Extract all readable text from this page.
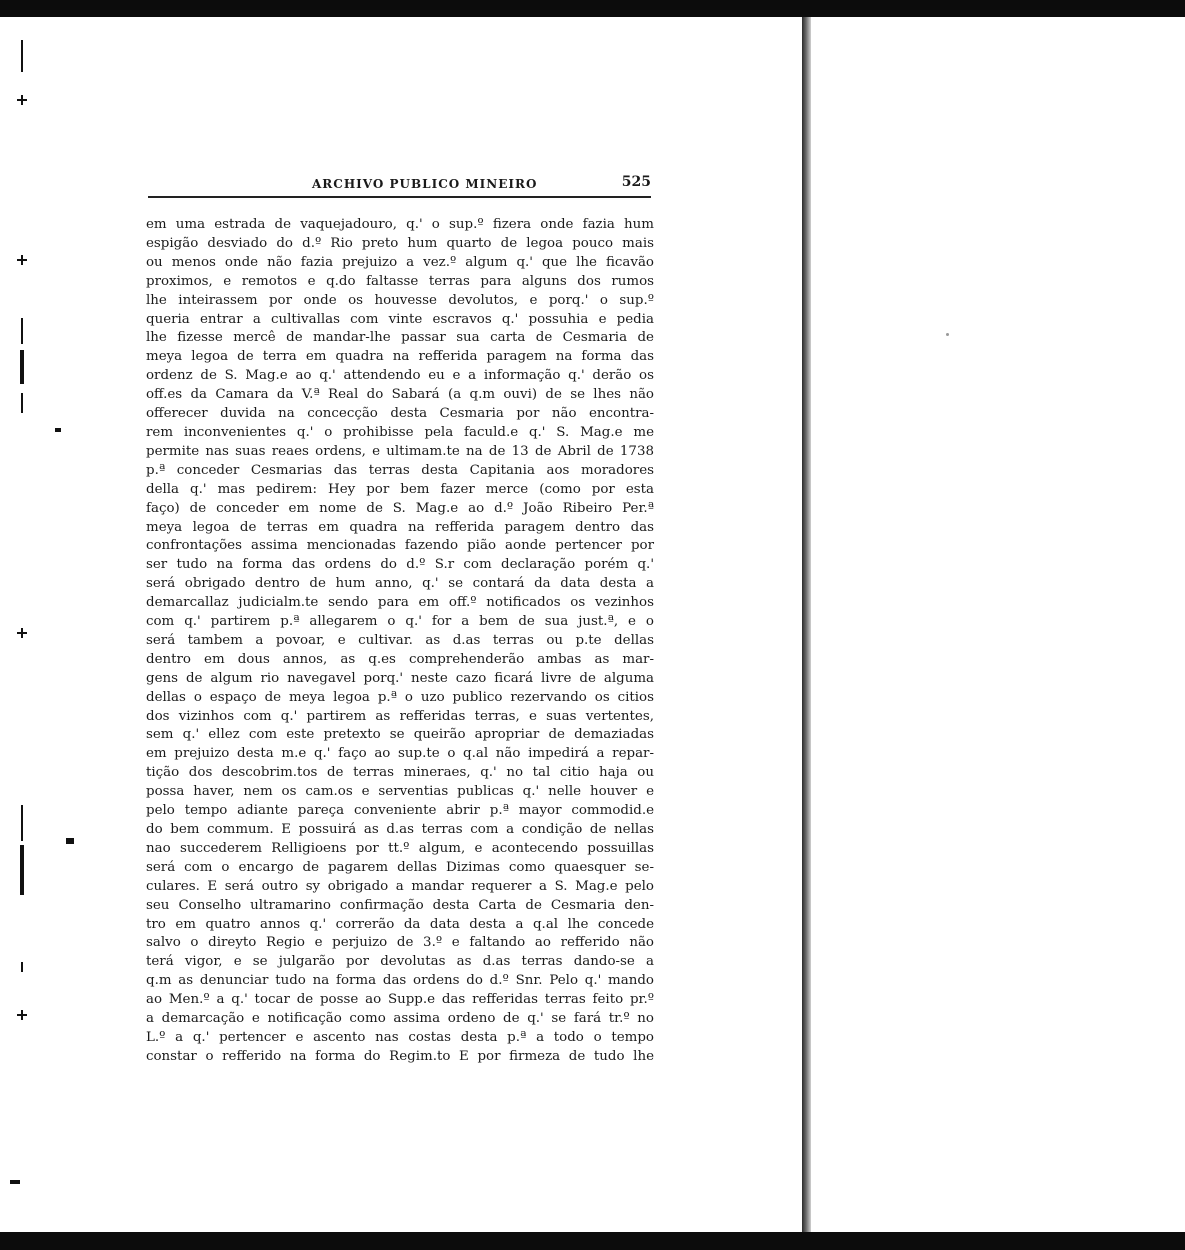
ARCHIVO PUBLICO MINEIRO	525
em uma estrada de vaquejadouro, q.' o sup.º fizera onde fazia hum
espigão desviado do d.º Rio preto hum quarto de legoa pouco mais
ou menos onde não fazia prejuizo a vez.º algum q.' que lhe ficavão
proximos, e remotos e q.do faltasse terras para alguns dos rumos
lhe inteirassem por onde os houvesse devolutos, e porq.' o sup.º
queria entrar a cultivallas com vinte escravos q.' possuhia e pedia
lhe fizesse mercê de mandar-lhe passar sua carta de Cesmaria de
meya legoa de terra em quadra na refferida paragem na forma das
ordenz de S. Mag.e ao q.' attendendo eu e a informação q.' derão os
off.es da Camara da V.ª Real do Sabará (a q.m ouvi) de se lhes não
offerecer duvida na concecção desta Cesmaria por não encontra-
rem inconvenientes q.' o prohibisse pela faculd.e q.' S. Mag.e me
permite nas suas reaes ordens, e ultimam.te na de 13 de Abril de 1738
p.ª conceder Cesmarias das terras desta Capitania aos moradores
della q.' mas pedirem: Hey por bem fazer merce (como por esta
faço) de conceder em nome de S. Mag.e ao d.º João Ribeiro Per.ª
meya legoa de terras em quadra na refferida paragem dentro das
confrontações assima mencionadas fazendo pião aonde pertencer por
ser tudo na forma das ordens do d.º S.r com declaração porém q.'
será obrigado dentro de hum anno, q.' se contará da data desta a
demarcallaz judicialm.te sendo para em off.º notificados os vezinhos
com q.' partirem p.ª allegarem o q.' for a bem de sua just.ª, e o
será tambem a povoar, e cultivar. as d.as terras ou p.te dellas
dentro em dous annos, as q.es comprehenderão ambas as mar-
gens de algum rio navegavel porq.' neste cazo ficará livre de alguma
dellas o espaço de meya legoa p.ª o uzo publico rezervando os citios
dos vizinhos com q.' partirem as refferidas terras, e suas vertentes,
sem q.' ellez com este pretexto se queirão apropriar de demaziadas
em prejuizo desta m.e q.' faço ao sup.te o q.al não impedirá a repar-
tição dos descobrim.tos de terras mineraes, q.' no tal citio haja ou
possa haver, nem os cam.os e serventias publicas q.' nelle houver e
pelo tempo adiante pareça conveniente abrir p.ª mayor commodid.e
do bem commum. E possuirá as d.as terras com a condição de nellas
nao succederem Relligioens por tt.º algum, e acontecendo possuillas
será com o encargo de pagarem dellas Dizimas como quaesquer se-
culares. E será outro sy obrigado a mandar requerer a S. Mag.e pelo
seu Conselho ultramarino confirmação desta Carta de Cesmaria den-
tro em quatro annos q.' correrão da data desta a q.al lhe concede
salvo o direyto Regio e perjuizo de 3.º e faltando ao refferido não
terá vigor, e se julgarão por devolutas as d.as terras dando-se a
q.m as denunciar tudo na forma das ordens do d.º Snr. Pelo q.' mando
ao Men.º a q.' tocar de posse ao Supp.e das refferidas terras feito pr.º
a demarcação e notificação como assima ordeno de q.' se fará tr.º no
L.º a q.' pertencer e ascento nas costas desta p.ª a todo o tempo
constar o refferido na forma do Regim.to E por firmeza de tudo lhe
